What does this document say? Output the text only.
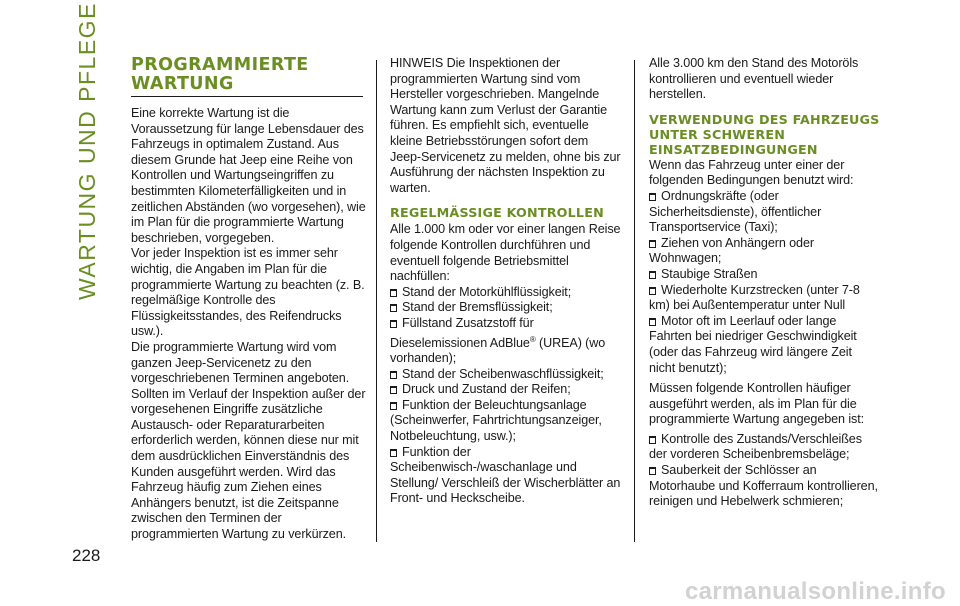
WARTUNG UND PFLEGE
228
PROGRAMMIERTE WARTUNG

Eine korrekte Wartung ist die Voraussetzung für lange Lebensdauer des Fahrzeugs in optimalem Zustand. Aus diesem Grunde hat Jeep eine Reihe von Kontrollen und Wartungseingriffen zu bestimmten Kilometerfälligkeiten und in zeitlichen Abständen (wo vorgesehen), wie im Plan für die programmierte Wartung beschrieben, vorgegeben.

Vor jeder Inspektion ist es immer sehr wichtig, die Angaben im Plan für die programmierte Wartung zu beachten (z. B. regelmäßige Kontrolle des Flüssigkeitsstandes, des Reifendrucks usw.).

Die programmierte Wartung wird vom ganzen Jeep-Servicenetz zu den vorgeschriebenen Terminen angeboten. Sollten im Verlauf der Inspektion außer der vorgesehenen Eingriffe zusätzliche Austausch- oder Reparaturarbeiten erforderlich werden, können diese nur mit dem ausdrücklichen Einverständnis des Kunden ausgeführt werden. Wird das Fahrzeug häufig zum Ziehen eines Anhängers benutzt, ist die Zeitspanne zwischen den Terminen der programmierten Wartung zu verkürzen.

HINWEIS Die Inspektionen der programmierten Wartung sind vom Hersteller vorgeschrieben. Mangelnde Wartung kann zum Verlust der Garantie führen. Es empfiehlt sich, eventuelle kleine Betriebsstörungen sofort dem Jeep-Servicenetz zu melden, ohne bis zur Ausführung der nächsten Inspektion zu warten.

REGELMÄSSIGE KONTROLLEN

Alle 1.000 km oder vor einer langen Reise folgende Kontrollen durchführen und eventuell folgende Betriebsmittel nachfüllen:

Stand der Motorkühlflüssigkeit;

Stand der Bremsflüssigkeit;

Füllstand Zusatzstoff für Dieselemissionen AdBlue® (UREA) (wo vorhanden);

Stand der Scheibenwaschflüssigkeit;

Druck und Zustand der Reifen;

Funktion der Beleuchtungsanlage (Scheinwerfer, Fahrtrichtungsanzeiger, Notbeleuchtung, usw.);

Funktion der Scheibenwisch-/waschanlage und Stellung/ Verschleiß der Wischerblätter an Front- und Heckscheibe.

Alle 3.000 km den Stand des Motoröls kontrollieren und eventuell wieder herstellen.

VERWENDUNG DES FAHRZEUGS UNTER SCHWEREN EINSATZBEDINGUNGEN

Wenn das Fahrzeug unter einer der folgenden Bedingungen benutzt wird:

Ordnungskräfte (oder Sicherheitsdienste), öffentlicher Transportservice (Taxi);

Ziehen von Anhängern oder Wohnwagen;

Staubige Straßen

Wiederholte Kurzstrecken (unter 7-8 km) bei Außentemperatur unter Null

Motor oft im Leerlauf oder lange Fahrten bei niedriger Geschwindigkeit (oder das Fahrzeug wird längere Zeit nicht benutzt);

Müssen folgende Kontrollen häufiger ausgeführt werden, als im Plan für die programmierte Wartung angegeben ist:

Kontrolle des Zustands/Verschleißes der vorderen Scheibenbremsbeläge;

Sauberkeit der Schlösser an Motorhaube und Kofferraum kontrollieren, reinigen und Hebelwerk schmieren;

carmanualsonline.info
